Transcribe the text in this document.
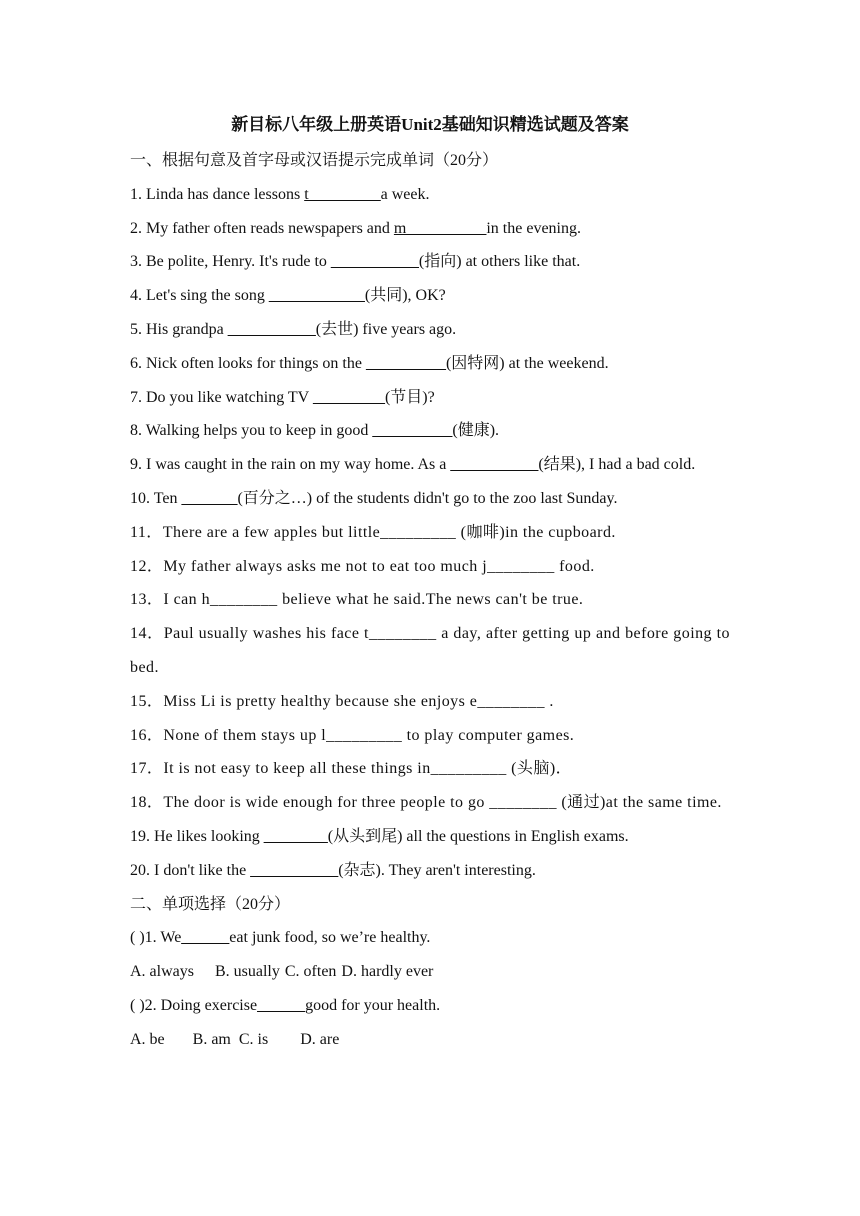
新目标八年级上册英语Unit2基础知识精选试题及答案
一、根据句意及首字母或汉语提示完成单词（20分）
1. Linda has dance lessons t_________a week.
2. My father often reads newspapers and m__________in the evening.
3. Be polite, Henry. It's rude to ___________(指向) at others like that.
4. Let's sing the song ____________(共同), OK?
5. His grandpa ___________(去世) five years ago.
6. Nick often looks for things on the __________(因特网) at the weekend.
7. Do you like watching TV _________(节目)?
8. Walking helps you to keep in good __________(健康).
9. I was caught in the rain on my way home. As a ___________(结果), I had a bad cold.
10. Ten _______(百分之…) of the students didn't go to the zoo last Sunday.
11．There are a few apples but little_________ (咖啡)in the cupboard.
12．My father always asks me not to eat too much j________ food.
13．I can h________ believe what he said.The news can't be true.
14．Paul usually washes his face t________ a day, after getting up and before going to bed.
15．Miss Li is pretty healthy because she enjoys e________ .
16．None of them stays up l_________ to play computer games.
17．It is not easy to keep all these things in_________ (头脑)．
18．The door is wide enough for three people to go ________ (通过)at the same time.
19. He likes looking ________(从头到尾) all the questions in English exams.
20. I don't like the ___________(杂志). They aren't interesting.
二、单项选择（20分）
( )1. We______eat junk food, so we’re healthy.
A. always B. usually C. often D. hardly ever
( )2. Doing exercise______good for your health.
A. be B. am C. is D. are
